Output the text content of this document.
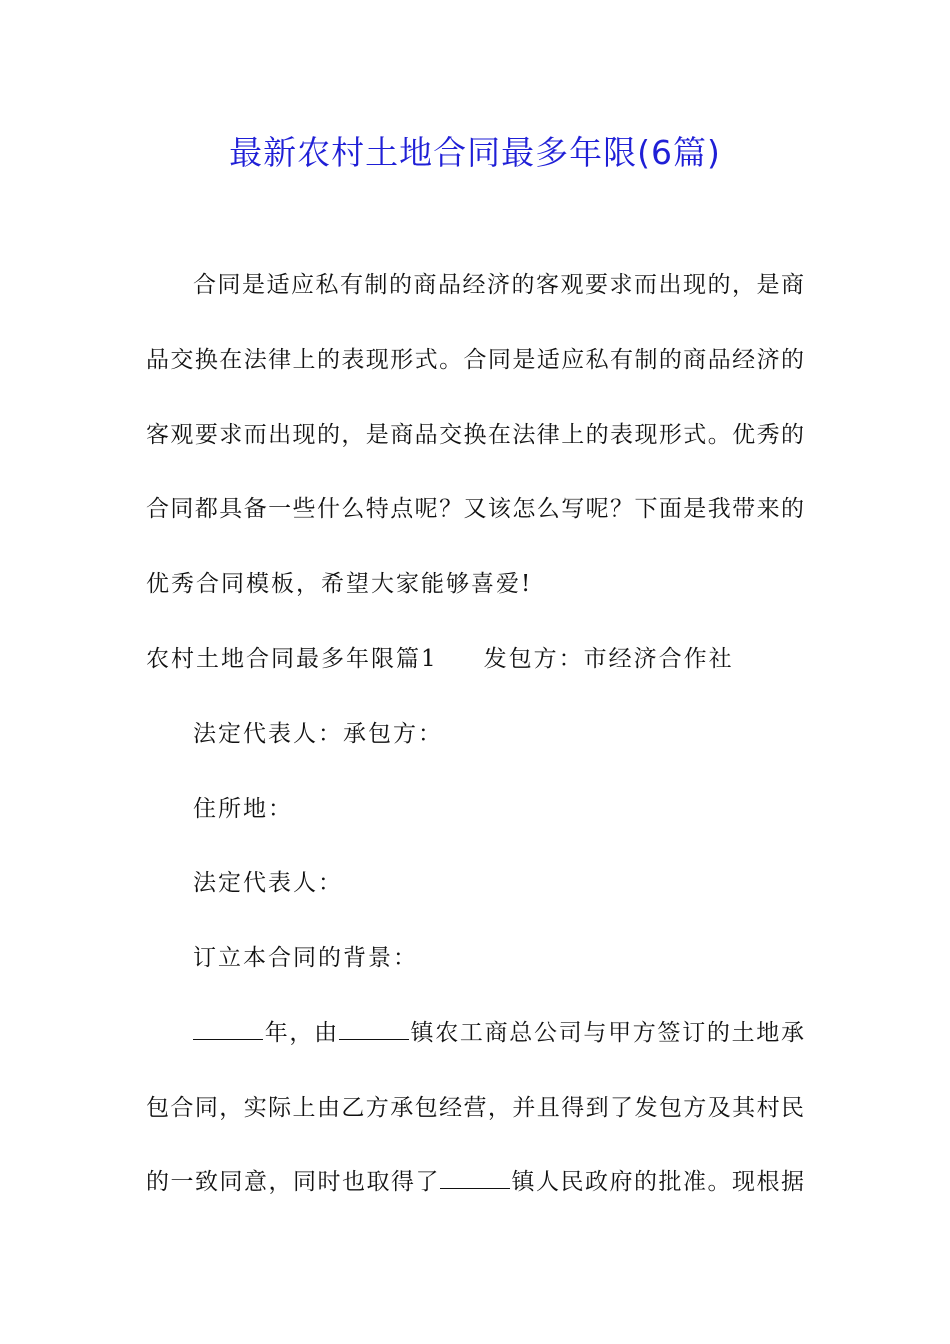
最新农村土地合同最多年限(6篇)
合同是适应私有制的商品经济的客观要求而出现的，是商
品交换在法律上的表现形式。合同是适应私有制的商品经济的
客观要求而出现的，是商品交换在法律上的表现形式。优秀的
合同都具备一些什么特点呢？又该怎么写呢？下面是我带来的
优秀合同模板，希望大家能够喜爱!
农村土地合同最多年限篇1 发包方：市经济合作社
法定代表人：承包方：
住所地：
法定代表人：
订立本合同的背景：
年，由	镇农工商总公司与甲方签订的土地承
包合同，实际上由乙方承包经营，并且得到了发包方及其村民
的一致同意，同时也取得了	镇人民政府的批准。现根据
